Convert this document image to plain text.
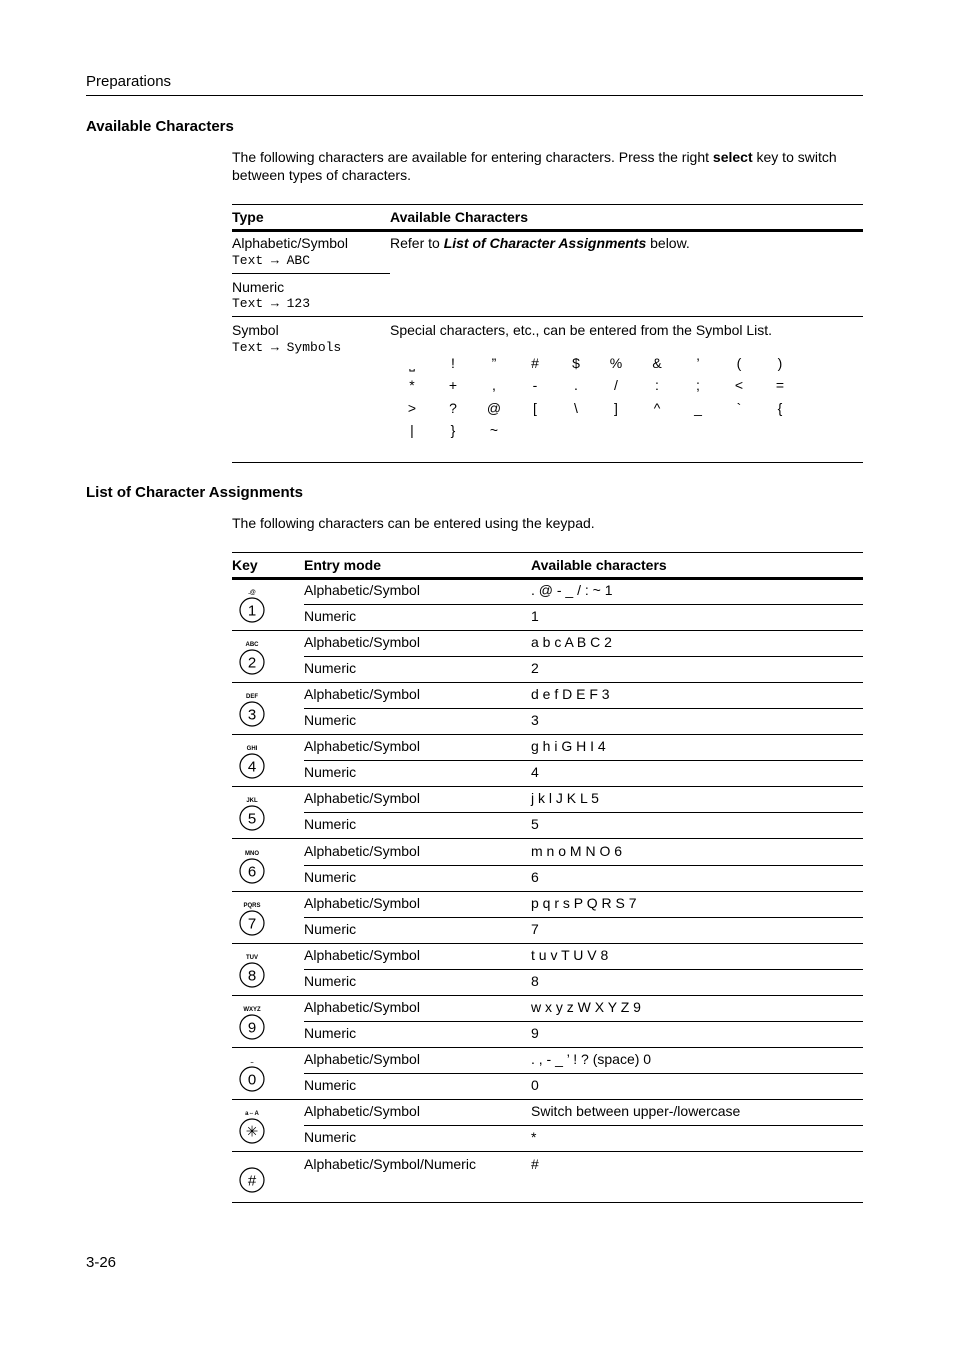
Preparations
Available Characters
The following characters are available for entering characters. Press the right select key to switch between types of characters.
Type	Available Characters
Alphabetic/Symbol
Text → ABC
Refer to List of Character Assignments below.
Numeric
Text → 123
Symbol
Text → Symbols
Special characters, etc., can be entered from the Symbol List.
⎵	!	”	#	$	%	&	’	(	)
*	+	,	-	.	/	:	;	<	=
>	?	@	[	\	]	^	_	`	{
|	}	~
List of Character Assignments
The following characters can be entered using the keypad.
Key	Entry mode	Available characters
.@
1
Alphabetic/Symbol	. @ - _ / : ~ 1
Numeric	1
ABC
2
Alphabetic/Symbol	a b c A B C 2
Numeric	2
DEF
3
Alphabetic/Symbol	d e f D E F 3
Numeric	3
GHI
4
Alphabetic/Symbol	g h i G H I 4
Numeric	4
JKL
5
Alphabetic/Symbol	j k l J K L 5
Numeric	5
MNO
6
Alphabetic/Symbol	m n o M N O 6
Numeric	6
PQRS
7
Alphabetic/Symbol	p q r s P Q R S 7
Numeric	7
TUV
8
Alphabetic/Symbol	t u v T U V 8
Numeric	8
WXYZ
9
Alphabetic/Symbol	w x y z W X Y Z 9
Numeric	9
..
0
Alphabetic/Symbol	. , - _ ’ ! ? (space) 0
Numeric	0
a⇔A
✳
Alphabetic/Symbol	Switch between upper-/lowercase
Numeric	*
#
Alphabetic/Symbol/Numeric	#
3-26
